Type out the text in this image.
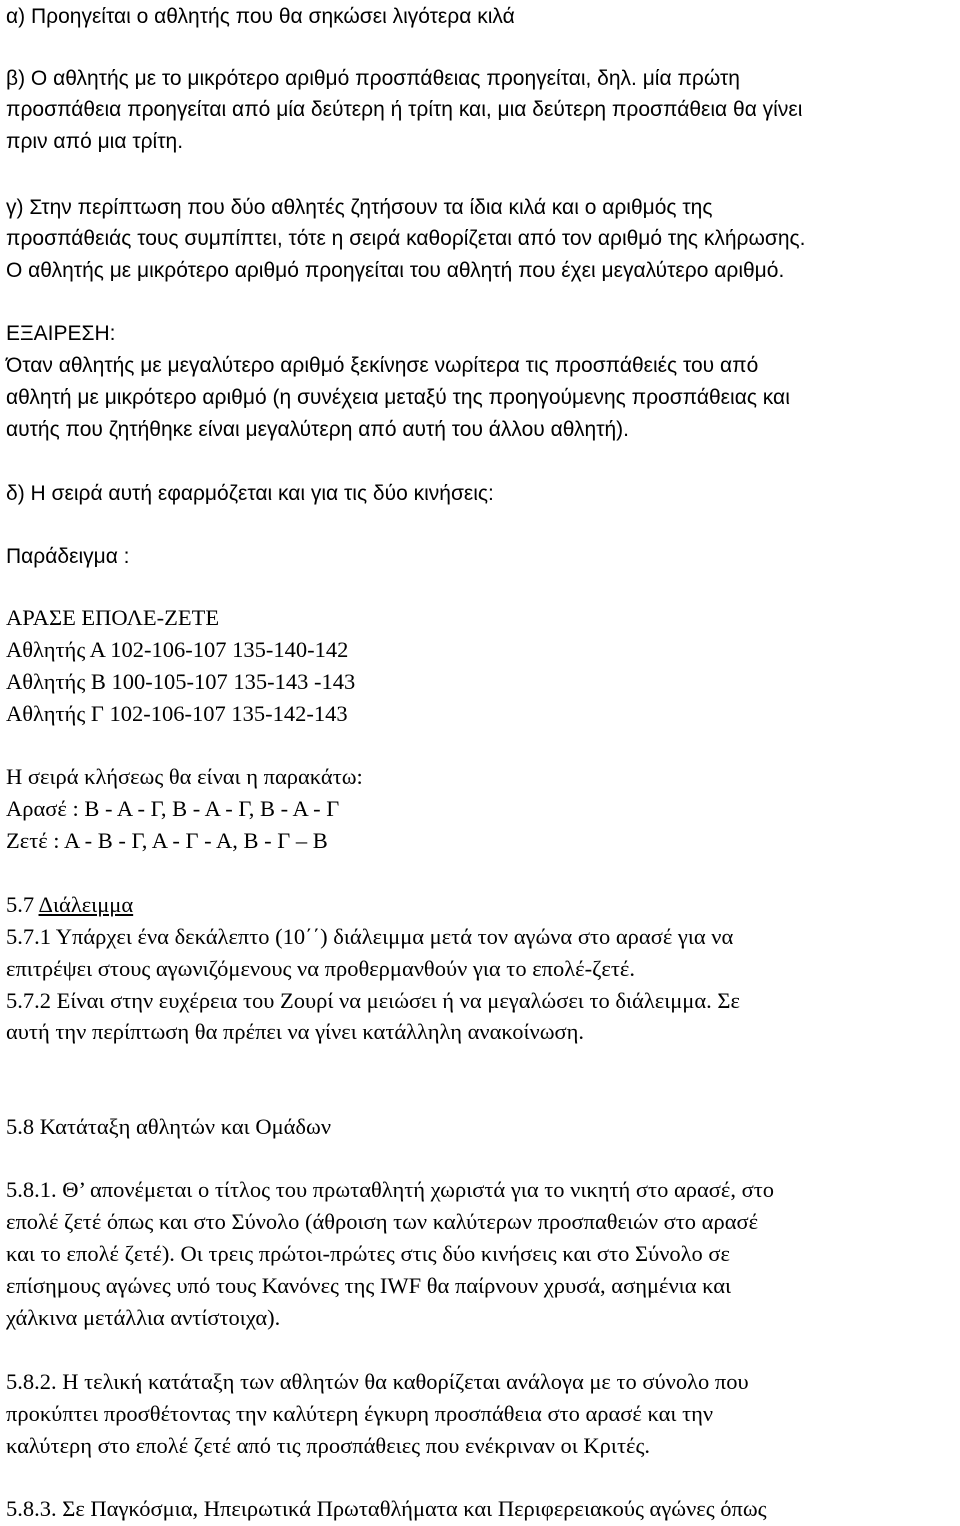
α) Προηγείται ο αθλητής που θα σηκώσει λιγότερα κιλά
β) Ο αθλητής με το μικρότερο αριθμό προσπάθειας προηγείται, δηλ. μία πρώτη
προσπάθεια προηγείται από μία δεύτερη ή τρίτη και, μια δεύτερη προσπάθεια θα γίνει
πριν από μια τρίτη.
γ) Στην περίπτωση που δύο αθλητές ζητήσουν τα ίδια κιλά και ο αριθμός της
προσπάθειάς τους συμπίπτει, τότε η σειρά καθορίζεται από τον αριθμό της κλήρωσης.
Ο αθλητής με μικρότερο αριθμό προηγείται του αθλητή που έχει μεγαλύτερο αριθμό.
ΕΞΑΙΡΕΣΗ:
Όταν αθλητής με μεγαλύτερο αριθμό ξεκίνησε νωρίτερα τις προσπάθειές του από
αθλητή με μικρότερο αριθμό (η συνέχεια μεταξύ της προηγούμενης προσπάθειας και
αυτής που ζητήθηκε είναι μεγαλύτερη από αυτή του άλλου αθλητή).
δ) Η σειρά αυτή εφαρμόζεται και για τις δύο κινήσεις:
Παράδειγμα :
ΑΡΑΣΕ ΕΠΟΛΕ-ΖΕΤΕ
Αθλητής Α 102-106-107 135-140-142
Αθλητής Β 100-105-107 135-143 -143
Αθλητής Γ 102-106-107 135-142-143
Η σειρά κλήσεως θα είναι η παρακάτω:
Αρασέ : Β - Α - Γ, Β - Α - Γ, Β - Α - Γ
Ζετέ : Α - Β - Γ, Α - Γ - Α, Β - Γ – Β
5.7 Διάλειμμα
5.7.1 Υπάρχει ένα δεκάλεπτο (10΄΄) διάλειμμα μετά τον αγώνα στο αρασέ για να
επιτρέψει στους αγωνιζόμενους να προθερμανθούν για το επολέ-ζετέ.
5.7.2 Είναι στην ευχέρεια του Ζουρί να μειώσει ή να μεγαλώσει το διάλειμμα. Σε
αυτή την περίπτωση θα πρέπει να γίνει κατάλληλη ανακοίνωση.
5.8 Κατάταξη αθλητών και Ομάδων
5.8.1. Θ’ απονέμεται ο τίτλος του πρωταθλητή χωριστά για το νικητή στο αρασέ, στο
επολέ ζετέ όπως και στο Σύνολο (άθροιση των καλύτερων προσπαθειών στο αρασέ
και το επολέ ζετέ). Οι τρεις πρώτοι-πρώτες στις δύο κινήσεις και στο Σύνολο σε
επίσημους αγώνες υπό τους Κανόνες της IWF θα παίρνουν χρυσά, ασημένια και
χάλκινα μετάλλια αντίστοιχα).
5.8.2. Η τελική κατάταξη των αθλητών θα καθορίζεται ανάλογα με το σύνολο που
προκύπτει προσθέτοντας την καλύτερη έγκυρη προσπάθεια στο αρασέ και την
καλύτερη στο επολέ ζετέ από τις προσπάθειες που ενέκριναν οι Κριτές.
5.8.3. Σε Παγκόσμια, Ηπειρωτικά Πρωταθλήματα και Περιφερειακούς αγώνες όπως
